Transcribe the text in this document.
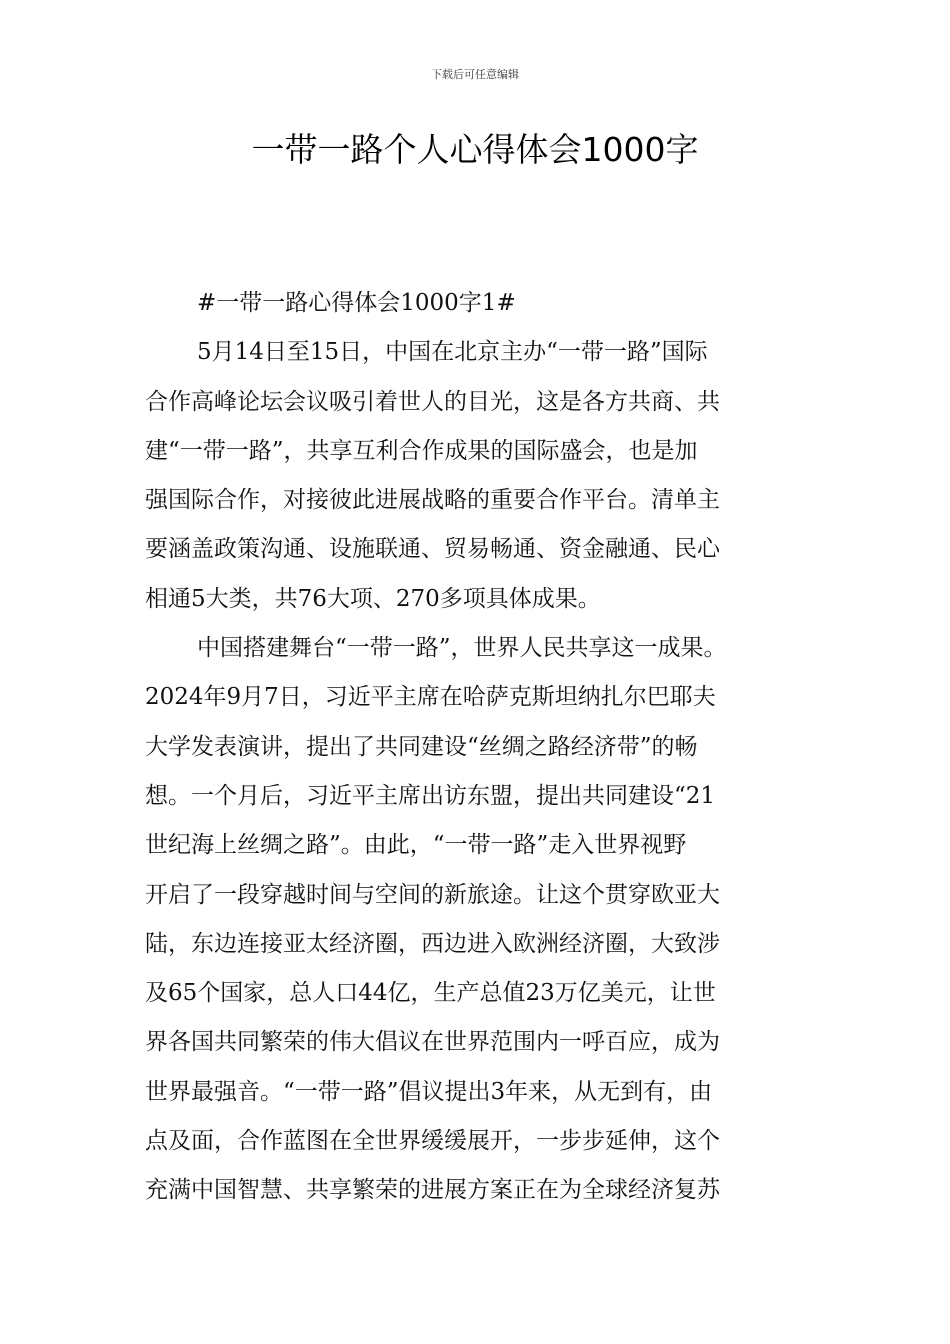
下载后可任意编辑
一带一路个人心得体会1000字
#一带一路心得体会1000字1#
5月14日至15日，中国在北京主办“一带一路”国际
合作高峰论坛会议吸引着世人的目光，这是各方共商、共
建“一带一路”，共享互利合作成果的国际盛会，也是加
强国际合作，对接彼此进展战略的重要合作平台。清单主
要涵盖政策沟通、设施联通、贸易畅通、资金融通、民心
相通5大类，共76大项、270多项具体成果。
中国搭建舞台“一带一路”，世界人民共享这一成果。
2024年9月7日，习近平主席在哈萨克斯坦纳扎尔巴耶夫
大学发表演讲，提出了共同建设“丝绸之路经济带”的畅
想。一个月后，习近平主席出访东盟，提出共同建设“21
世纪海上丝绸之路”。由此，“一带一路”走入世界视野
开启了一段穿越时间与空间的新旅途。让这个贯穿欧亚大
陆，东边连接亚太经济圈，西边进入欧洲经济圈，大致涉
及65个国家，总人口44亿，生产总值23万亿美元，让世
界各国共同繁荣的伟大倡议在世界范围内一呼百应，成为
世界最强音。“一带一路”倡议提出3年来，从无到有，由
点及面，合作蓝图在全世界缓缓展开，一步步延伸，这个
充满中国智慧、共享繁荣的进展方案正在为全球经济复苏
